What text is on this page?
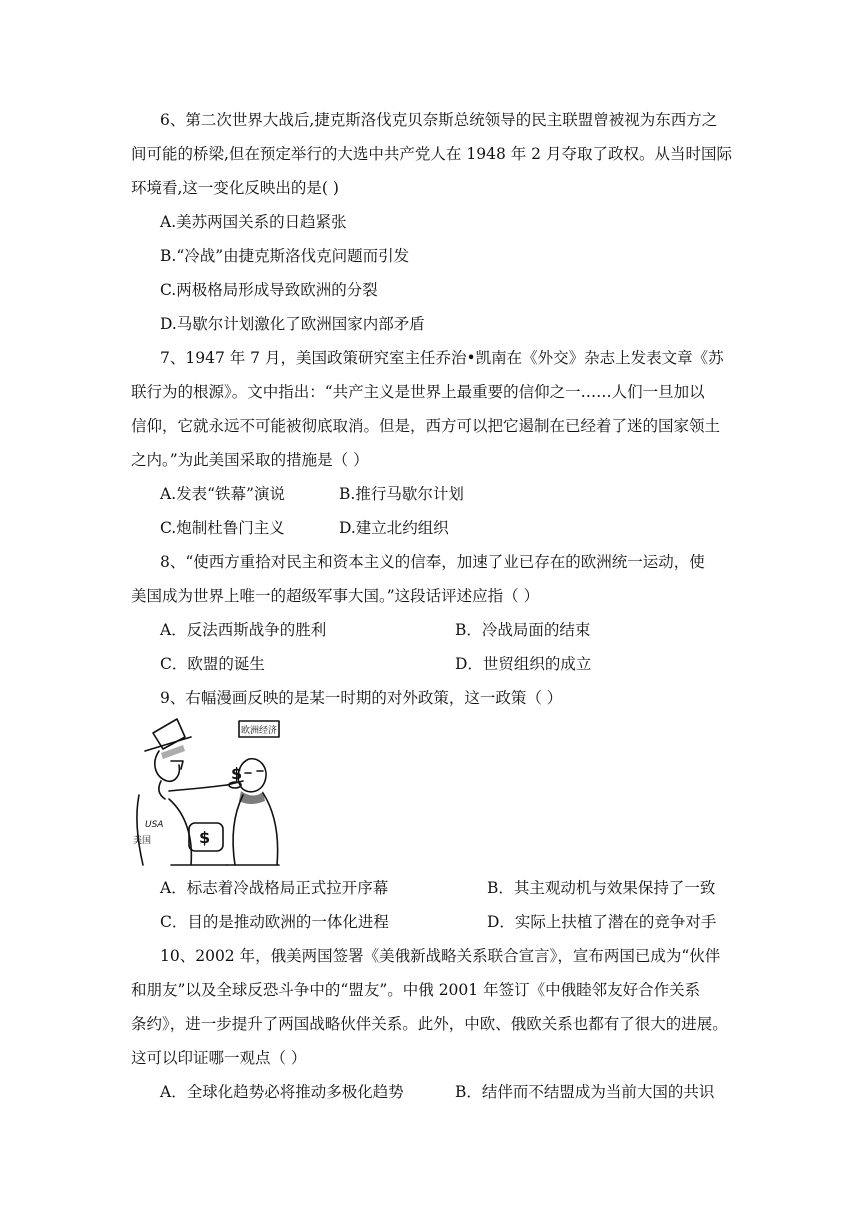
6、第二次世界大战后,捷克斯洛伐克贝奈斯总统领导的民主联盟曾被视为东西方之
间可能的桥梁,但在预定举行的大选中共产党人在 1948 年 2 月夺取了政权。从当时国际
环境看,这一变化反映出的是( )
A.美苏两国关系的日趋紧张
B.“冷战”由捷克斯洛伐克问题而引发
C.两极格局形成导致欧洲的分裂
D.马歇尔计划激化了欧洲国家内部矛盾
7、1947 年 7 月，美国政策研究室主任乔治•凯南在《外交》杂志上发表文章《苏
联行为的根源》。文中指出：“共产主义是世界上最重要的信仰之一……人们一旦加以
信仰，它就永远不可能被彻底取消。但是，西方可以把它遏制在已经着了迷的国家领土
之内。”为此美国采取的措施是（ ）
A.发表“铁幕”演说	B.推行马歇尔计划
C.炮制杜鲁门主义	D.建立北约组织
8、“使西方重拾对民主和资本主义的信奉，加速了业已存在的欧洲统一运动，使
美国成为世界上唯一的超级军事大国。”这段话评述应指（ ）
A．反法西斯战争的胜利	B．冷战局面的结束
C．欧盟的诞生	D．世贸组织的成立
9、右幅漫画反映的是某一时期的对外政策，这一政策（ ）
欧洲经济
USA
美国
$
$
A．标志着冷战格局正式拉开序幕	B．其主观动机与效果保持了一致
C．目的是推动欧洲的一体化进程	D．实际上扶植了潜在的竞争对手
10、2002 年，俄美两国签署《美俄新战略关系联合宣言》，宣布两国已成为“伙伴
和朋友”以及全球反恐斗争中的“盟友”。中俄 2001 年签订《中俄睦邻友好合作关系
条约》，进一步提升了两国战略伙伴关系。此外，中欧、俄欧关系也都有了很大的进展。
这可以印证哪一观点（ ）
A．全球化趋势必将推动多极化趋势	B．结伴而不结盟成为当前大国的共识
